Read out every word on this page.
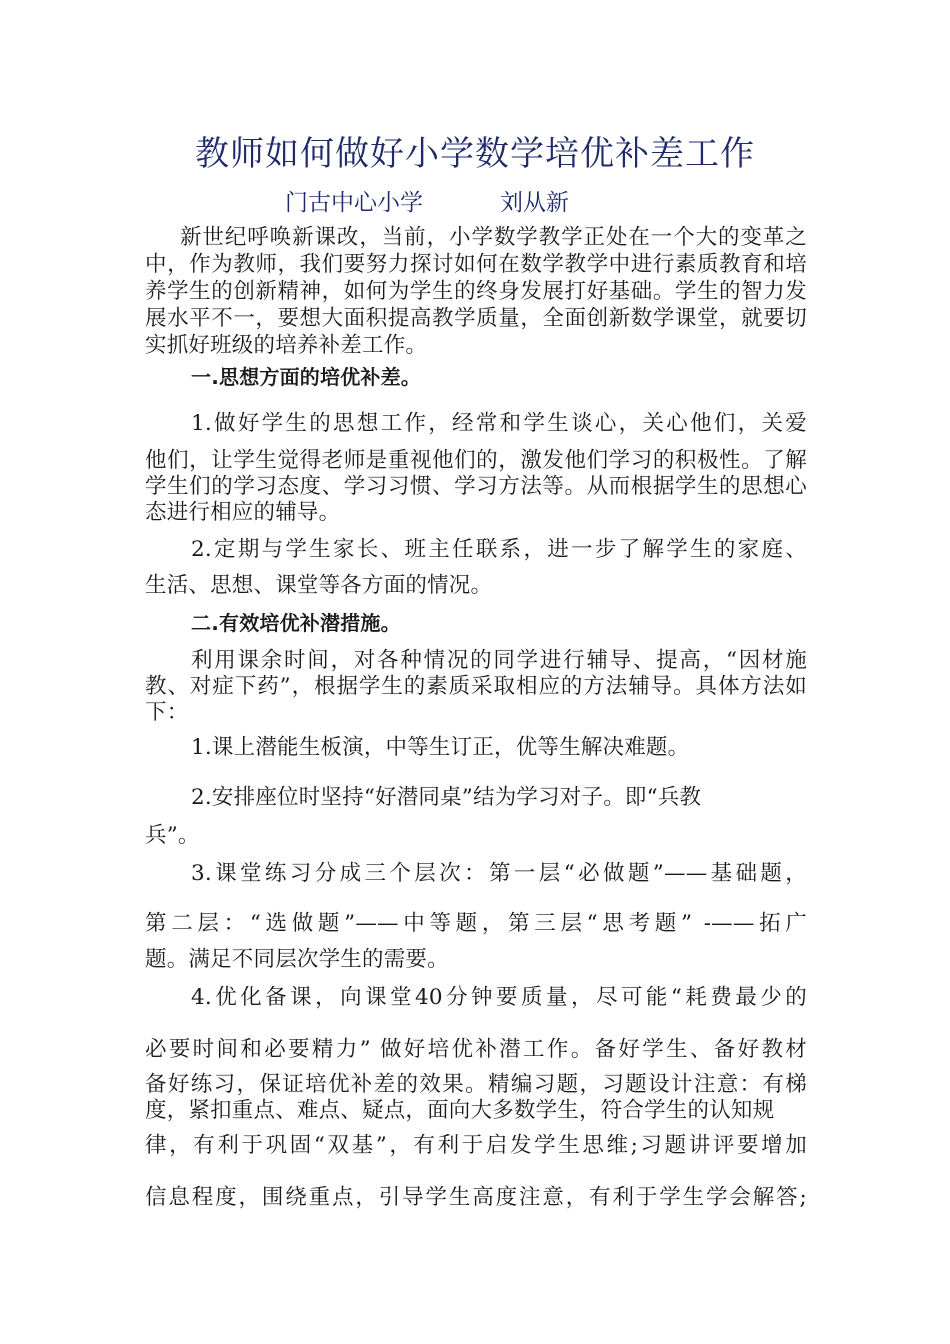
教师如何做好小学数学培优补差工作
门古中心小学	刘从新

新世纪呼唤新课改，当前，小学数学教学正处在一个大的变革之中，作为教师，我们要努力探讨如何在数学教学中进行素质教育和培养学生的创新精神，如何为学生的终身发展打好基础。学生的智力发展水平不一，要想大面积提高教学质量，全面创新数学课堂，就要切实抓好班级的培养补差工作。

一.思想方面的培优补差。

1.做好学生的思想工作，经常和学生谈心，关心他们，关爱

他们，让学生觉得老师是重视他们的，激发他们学习的积极性。了解学生们的学习态度、学习习惯、学习方法等。从而根据学生的思想心态进行相应的辅导。

2.定期与学生家长、班主任联系，进一步了解学生的家庭、

生活、思想、课堂等各方面的情况。

二.有效培优补潜措施。

利用课余时间，对各种情况的同学进行辅导、提高，“因材施教、对症下药”，根据学生的素质采取相应的方法辅导。具体方法如下：

1.课上潜能生板演，中等生订正，优等生解决难题。

2.安排座位时坚持“好潜同桌”结为学习对子。即“兵教

兵”。

3.课堂练习分成三个层次：第一层“必做题”——基础题，

第二层：“选做题”——中等题，第三层“思考题” -——拓广

题。满足不同层次学生的需要。

4.优化备课，向课堂40分钟要质量，尽可能“耗费最少的

必要时间和必要精力” 做好培优补潜工作。备好学生、备好教材

备好练习，保证培优补差的效果。精编习题，习题设计注意：有梯度，紧扣重点、难点、疑点，面向大多数学生，符合学生的认知规

律，有利于巩固“双基”，有利于启发学生思维;习题讲评要增加

信息程度，围绕重点，引导学生高度注意，有利于学生学会解答;
